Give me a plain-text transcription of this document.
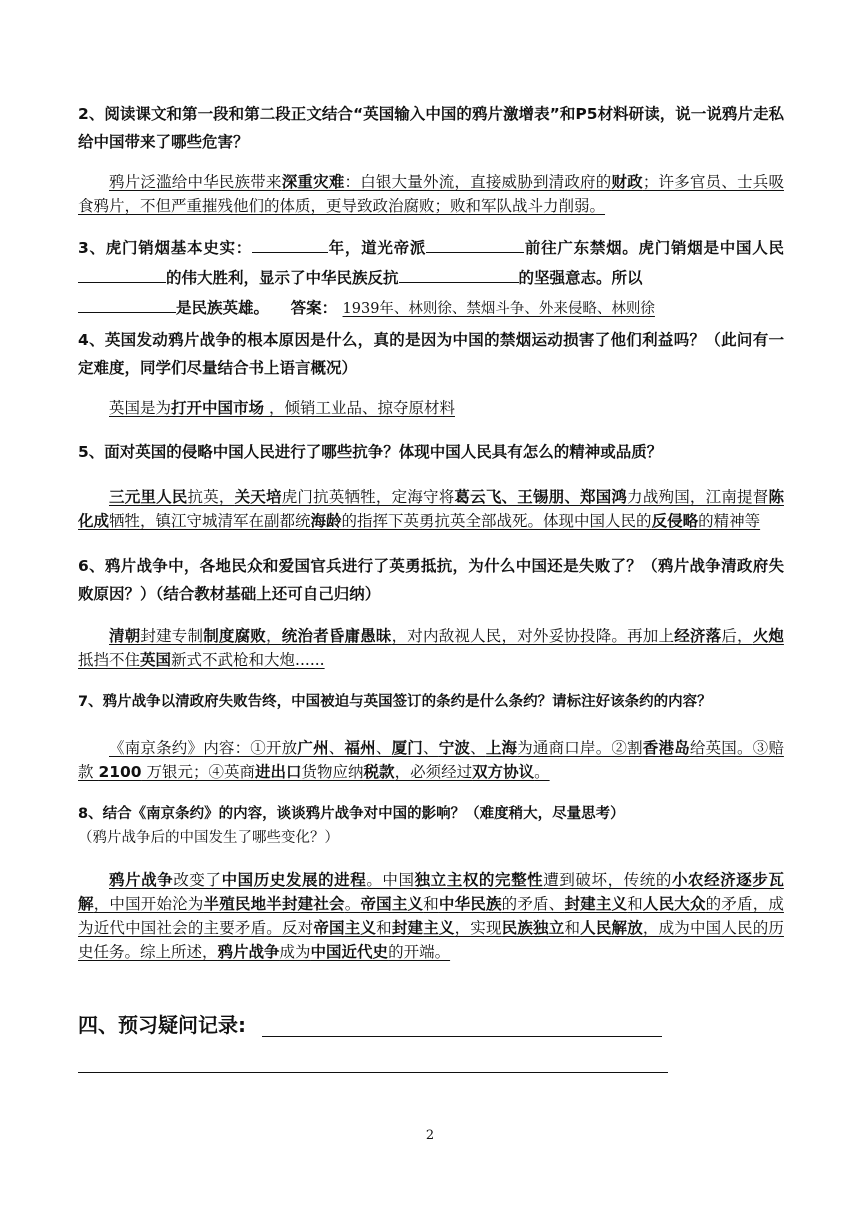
2、阅读课文和第一段和第二段正文结合“英国输入中国的鸦片激增表”和P5材料研读，说一说鸦片走私给中国带来了哪些危害？

鸦片泛滥给中华民族带来深重灾难：白银大量外流，直接威胁到清政府的财政；许多官员、士兵吸食鸦片，不但严重摧残他们的体质，更导致政治腐败；败和军队战斗力削弱。

3、虎门销烟基本史实：	年，道光帝派	前往广东禁烟。虎门销烟是中国人民的伟大胜利，显示了中华民族反抗	的坚强意志。所以
是民族英雄。 答案： 1939年、林则徐、禁烟斗争、外来侵略、林则徐

4、英国发动鸦片战争的根本原因是什么，真的是因为中国的禁烟运动损害了他们利益吗？（此问有一定难度，同学们尽量结合书上语言概况）

英国是为打开中国市场 ，倾销工业品、掠夺原材料

5、面对英国的侵略中国人民进行了哪些抗争？体现中国人民具有怎么的精神或品质？

三元里人民抗英，关天培虎门抗英牺牲，定海守将葛云飞、王锡朋、郑国鸿力战殉国，江南提督陈化成牺牲，镇江守城清军在副都统海龄的指挥下英勇抗英全部战死。体现中国人民的反侵略的精神等

6、鸦片战争中，各地民众和爱国官兵进行了英勇抵抗，为什么中国还是失败了？（鸦片战争清政府失败原因？）（结合教材基础上还可自己归纳）

清朝封建专制制度腐败，统治者昏庸愚昧，对内敌视人民，对外妥协投降。再加上经济落后，火炮抵挡不住英国新式不武枪和大炮......

7、鸦片战争以清政府失败告终，中国被迫与英国签订的条约是什么条约？请标注好该条约的内容？

《南京条约》内容：①开放广州、福州、厦门、宁波、上海为通商口岸。②割香港岛给英国。③赔款 2100 万银元；④英商进出口货物应纳税款，必须经过双方协议。

8、结合《南京条约》的内容，谈谈鸦片战争对中国的影响？（难度稍大，尽量思考）
（鸦片战争后的中国发生了哪些变化？）

鸦片战争改变了中国历史发展的进程。中国独立主权的完整性遭到破坏，传统的小农经济逐步瓦解，中国开始沦为半殖民地半封建社会。帝国主义和中华民族的矛盾、封建主义和人民大众的矛盾，成为近代中国社会的主要矛盾。反对帝国主义和封建主义，实现民族独立和人民解放，成为中国人民的历史任务。综上所述，鸦片战争成为中国近代史的开端。

四、预习疑问记录:

2
